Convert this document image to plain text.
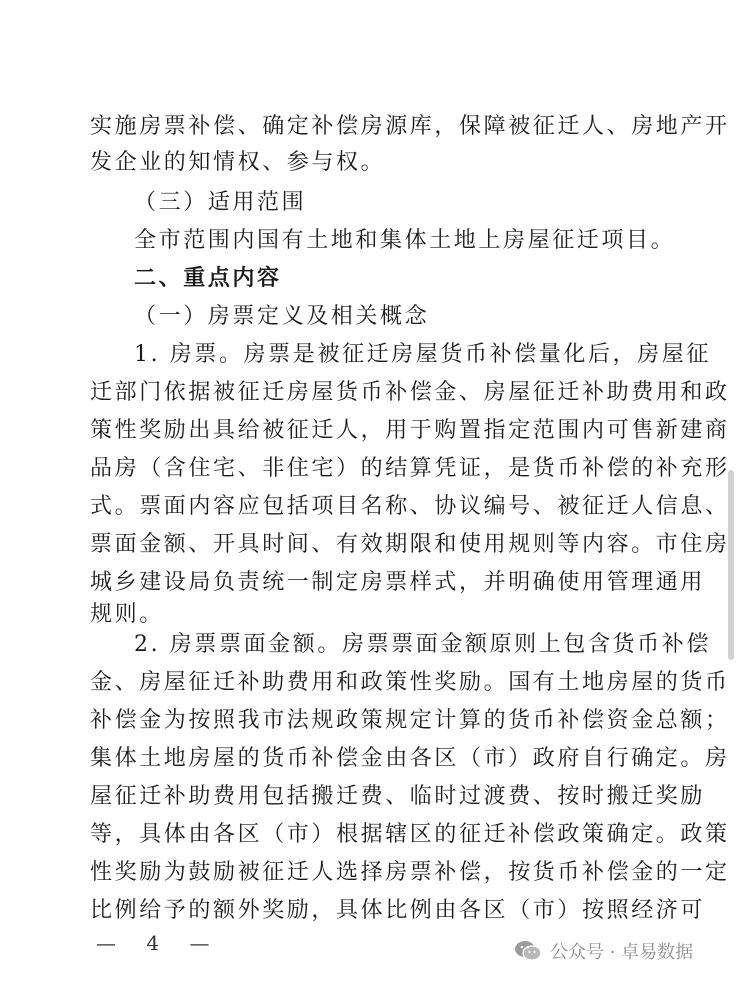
实施房票补偿、确定补偿房源库，保障被征迁人、房地产开
发企业的知情权、参与权。
（三）适用范围
全市范围内国有土地和集体土地上房屋征迁项目。
二、重点内容
（一）房票定义及相关概念
1. 房票。房票是被征迁房屋货币补偿量化后，房屋征
迁部门依据被征迁房屋货币补偿金、房屋征迁补助费用和政
策性奖励出具给被征迁人，用于购置指定范围内可售新建商
品房（含住宅、非住宅）的结算凭证，是货币补偿的补充形
式。票面内容应包括项目名称、协议编号、被征迁人信息、
票面金额、开具时间、有效期限和使用规则等内容。市住房
城乡建设局负责统一制定房票样式，并明确使用管理通用
规则。
2. 房票票面金额。房票票面金额原则上包含货币补偿
金、房屋征迁补助费用和政策性奖励。国有土地房屋的货币
补偿金为按照我市法规政策规定计算的货币补偿资金总额；
集体土地房屋的货币补偿金由各区（市）政府自行确定。房
屋征迁补助费用包括搬迁费、临时过渡费、按时搬迁奖励
等，具体由各区（市）根据辖区的征迁补偿政策确定。政策
性奖励为鼓励被征迁人选择房票补偿，按货币补偿金的一定
比例给予的额外奖励，具体比例由各区（市）按照经济可
— 4 —	公众号 · 卓易数据
